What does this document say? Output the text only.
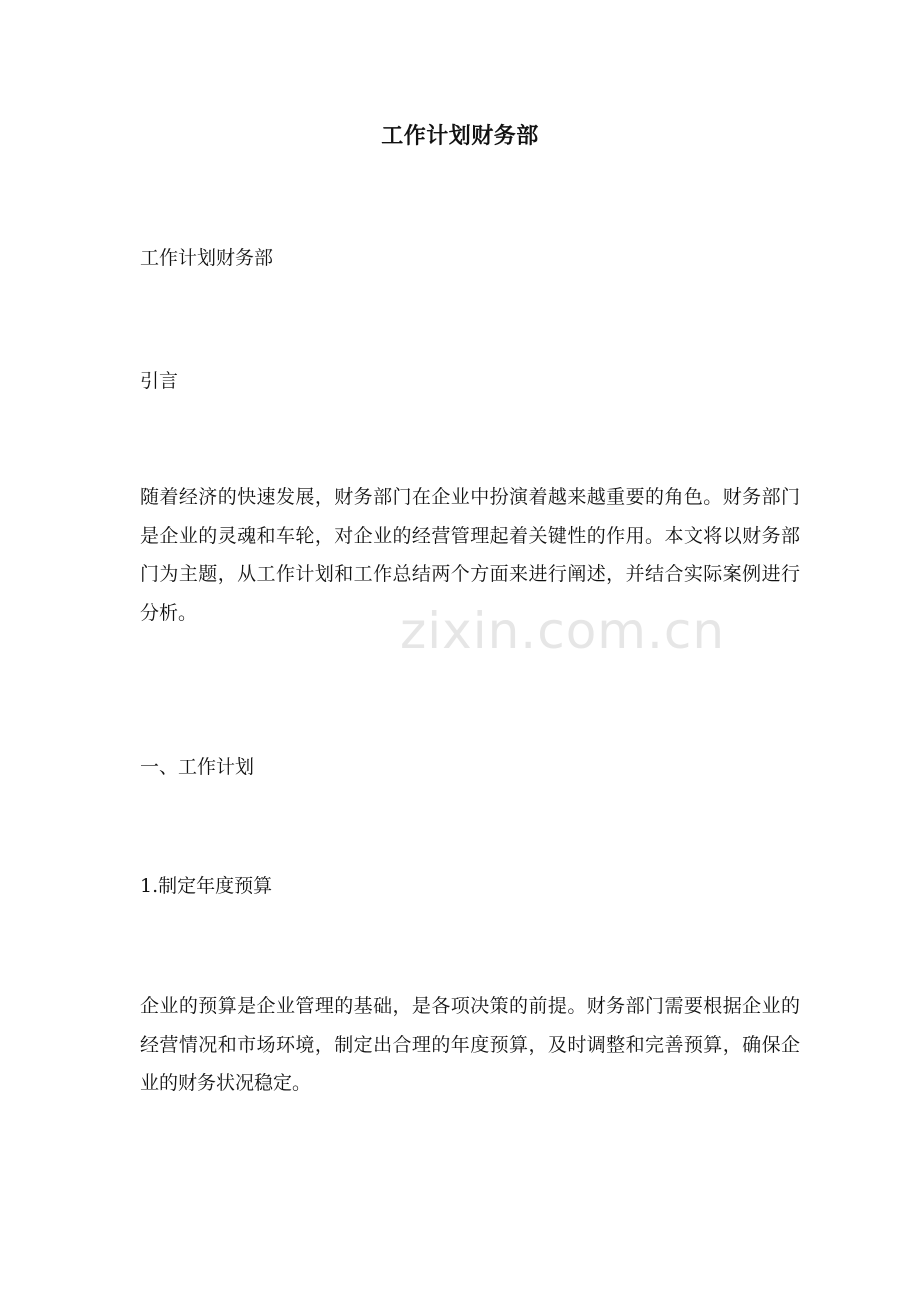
工作计划财务部
工作计划财务部
引言
随着经济的快速发展，财务部门在企业中扮演着越来越重要的角色。财务部门是企业的灵魂和车轮，对企业的经营管理起着关键性的作用。本文将以财务部门为主题，从工作计划和工作总结两个方面来进行阐述，并结合实际案例进行分析。
一、工作计划
1.制定年度预算
企业的预算是企业管理的基础，是各项决策的前提。财务部门需要根据企业的经营情况和市场环境，制定出合理的年度预算，及时调整和完善预算，确保企业的财务状况稳定。
zixin.com.cn
